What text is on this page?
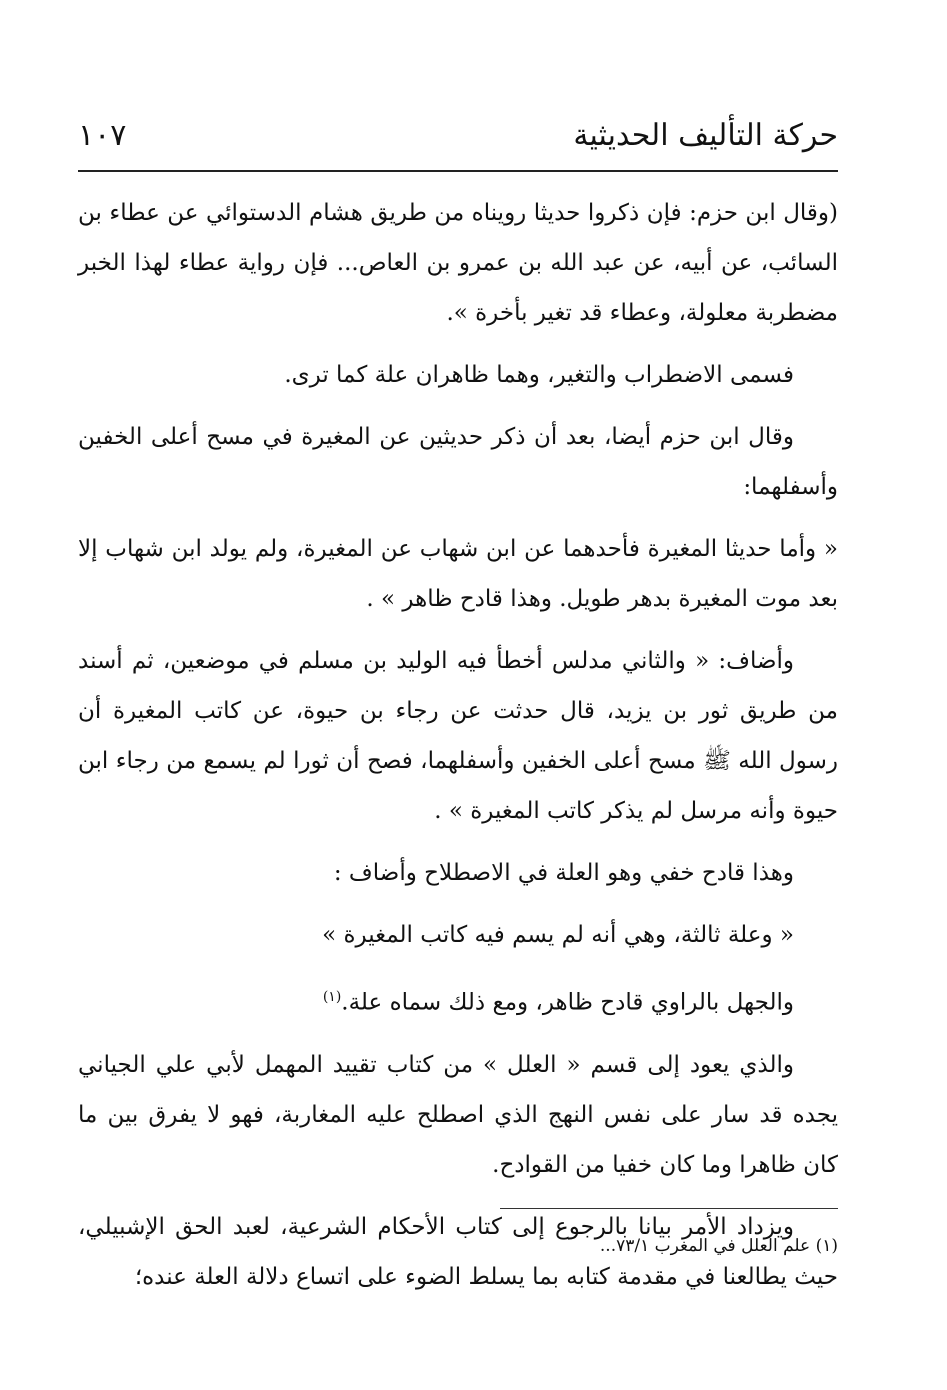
حركة التأليف الحديثية
١٠٧

(وقال ابن حزم: فإن ذكروا حديثا رويناه من طريق هشام الدستوائي عن عطاء بن السائب، عن أبيه، عن عبد الله بن عمرو بن العاص... فإن رواية عطاء لهذا الخبر مضطربة معلولة، وعطاء قد تغير بأخرة ».

فسمى الاضطراب والتغير، وهما ظاهران علة كما ترى.

وقال ابن حزم أيضا، بعد أن ذكر حديثين عن المغيرة في مسح أعلى الخفين وأسفلهما:

« وأما حديثا المغيرة فأحدهما عن ابن شهاب عن المغيرة، ولم يولد ابن شهاب إلا بعد موت المغيرة بدهر طويل. وهذا قادح ظاهر » .

وأضاف: « والثاني مدلس أخطأ فيه الوليد بن مسلم في موضعين، ثم أسند من طريق ثور بن يزيد، قال حدثت عن رجاء بن حيوة، عن كاتب المغيرة أن رسول الله ﷺ مسح أعلى الخفين وأسفلهما، فصح أن ثورا لم يسمع من رجاء ابن حيوة وأنه مرسل لم يذكر كاتب المغيرة » .

وهذا قادح خفي وهو العلة في الاصطلاح وأضاف :

« وعلة ثالثة، وهي أنه لم يسم فيه كاتب المغيرة »

والجهل بالراوي قادح ظاهر، ومع ذلك سماه علة.$^{(١)}$

والذي يعود إلى قسم « العلل » من كتاب تقييد المهمل لأبي علي الجياني يجده قد سار على نفس النهج الذي اصطلح عليه المغاربة، فهو لا يفرق بين ما كان ظاهرا وما كان خفيا من القوادح.

ويزداد الأمر بيانا بالرجوع إلى كتاب الأحكام الشرعية، لعبد الحق الإشبيلي، حيث يطالعنا في مقدمة كتابه بما يسلط الضوء على اتساع دلالة العلة عنده؛

(١) علم العلل في المغرب ٧٣/١...
